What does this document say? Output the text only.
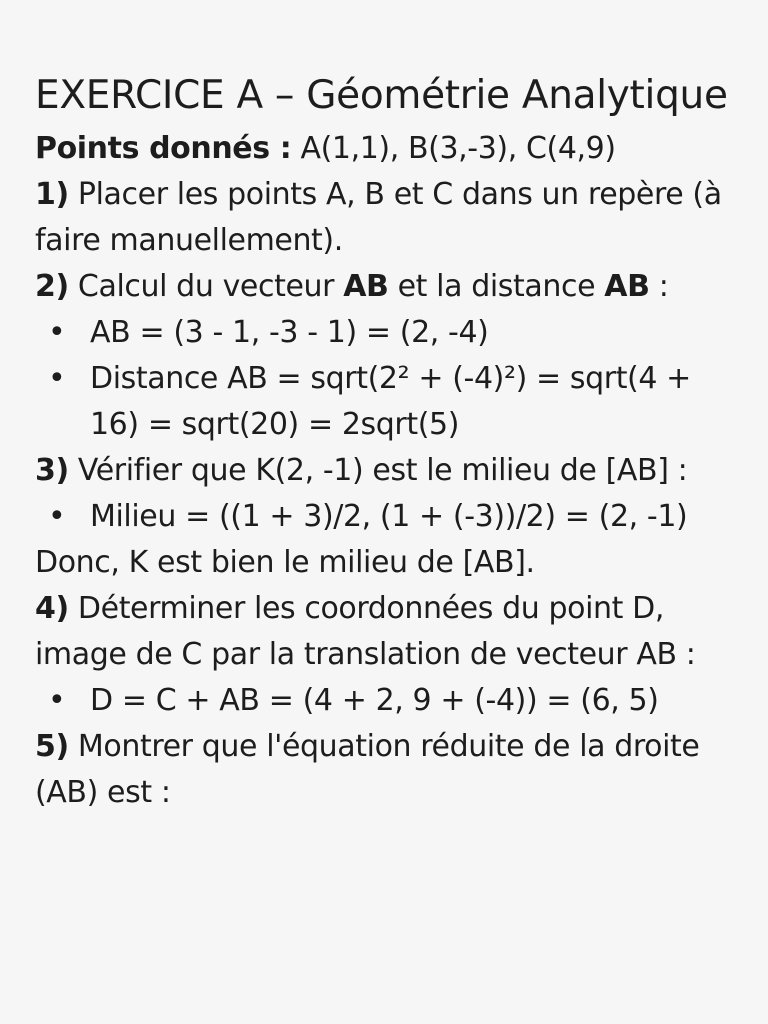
EXERCICE A – Géométrie Analytique

Points donnés : A(1,1), B(3,-3), C(4,9)

1) Placer les points A, B et C dans un repère (à faire manuellement).

2) Calcul du vecteur AB et la distance AB :

• AB = (3 - 1, -3 - 1) = (2, -4)
• Distance AB = sqrt(2² + (-4)²) = sqrt(4 + 16) = sqrt(20) = 2sqrt(5)

3) Vérifier que K(2, -1) est le milieu de [AB] :

• Milieu = ((1 + 3)/2, (1 + (-3))/2) = (2, -1)

Donc, K est bien le milieu de [AB].

4) Déterminer les coordonnées du point D, image de C par la translation de vecteur AB :

• D = C + AB = (4 + 2, 9 + (-4)) = (6, 5)

5) Montrer que l'équation réduite de la droite (AB) est :
